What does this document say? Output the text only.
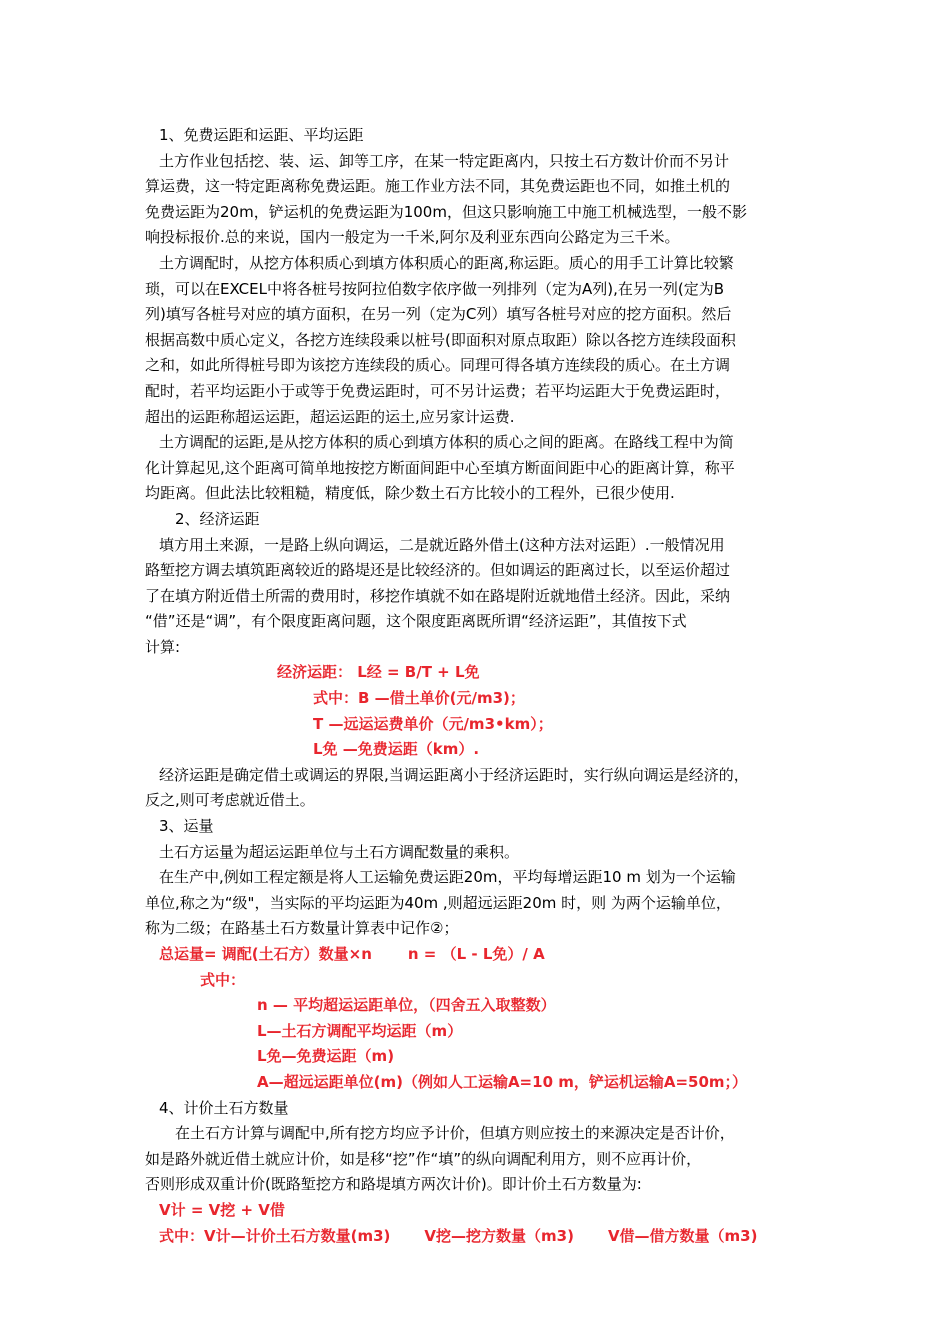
1、免费运距和运距、平均运距
土方作业包括挖、装、运、卸等工序，在某一特定距离内，只按土石方数计价而不另计
算运费，这一特定距离称免费运距。施工作业方法不同，其免费运距也不同，如推土机的
免费运距为20m，铲运机的免费运距为100m，但这只影响施工中施工机械选型，一般不影
响投标报价.总的来说，国内一般定为一千米,阿尔及利亚东西向公路定为三千米。
土方调配时，从挖方体积质心到填方体积质心的距离,称运距。质心的用手工计算比较繁
琐，可以在EXCEL中将各桩号按阿拉伯数字依序做一列排列（定为A列),在另一列(定为B
列)填写各桩号对应的填方面积，在另一列（定为C列）填写各桩号对应的挖方面积。然后
根据高数中质心定义，各挖方连续段乘以桩号(即面积对原点取距）除以各挖方连续段面积
之和，如此所得桩号即为该挖方连续段的质心。同理可得各填方连续段的质心。在土方调
配时，若平均运距小于或等于免费运距时，可不另计运费；若平均运距大于免费运距时，
超出的运距称超运运距，超运运距的运土,应另家计运费.
土方调配的运距,是从挖方体积的质心到填方体积的质心之间的距离。在路线工程中为简
化计算起见,这个距离可简单地按挖方断面间距中心至填方断面间距中心的距离计算，称平
均距离。但此法比较粗糙，精度低，除少数土石方比较小的工程外，已很少使用.
2、经济运距
填方用土来源，一是路上纵向调运，二是就近路外借土(这种方法对运距）.一般情况用
路堑挖方调去填筑距离较近的路堤还是比较经济的。但如调运的距离过长，以至运价超过
了在填方附近借土所需的费用时，移挖作填就不如在路堤附近就地借土经济。因此，采纳
“借”还是“调”，有个限度距离问题，这个限度距离既所谓“经济运距”，其值按下式
计算:
经济运距： L经 = B/T + L免
式中：B —借土单价(元/m3)；
T —远运运费单价（元/m3•km）；
L免 —免费运距（km）.
经济运距是确定借土或调运的界限,当调运距离小于经济运距时，实行纵向调运是经济的，
反之,则可考虑就近借土。
3、运量
土石方运量为超运运距单位与土石方调配数量的乘积。
在生产中,例如工程定额是将人工运输免费运距20m，平均每增运距10 m 划为一个运输
单位,称之为“级"，当实际的平均运距为40m ,则超远运距20m 时，则 为两个运输单位，
称为二级；在路基土石方数量计算表中记作②；
总运量= 调配(土石方）数量×n n = （L - L免）/ A
式中：
n — 平均超运运距单位，（四舍五入取整数）
L—土石方调配平均运距（m）
L免—免费运距（m)
A—超远运距单位(m)（例如人工运输A=10 m，铲运机运输A=50m；）
4、计价土石方数量
在土石方计算与调配中,所有挖方均应予计价，但填方则应按土的来源决定是否计价，
如是路外就近借土就应计价，如是移“挖”作“填”的纵向调配利用方，则不应再计价，
否则形成双重计价(既路堑挖方和路堤填方两次计价)。即计价土石方数量为:
V计 = V挖 + V借
式中：V计—计价土石方数量(m3) V挖—挖方数量（m3) V借—借方数量（m3)
